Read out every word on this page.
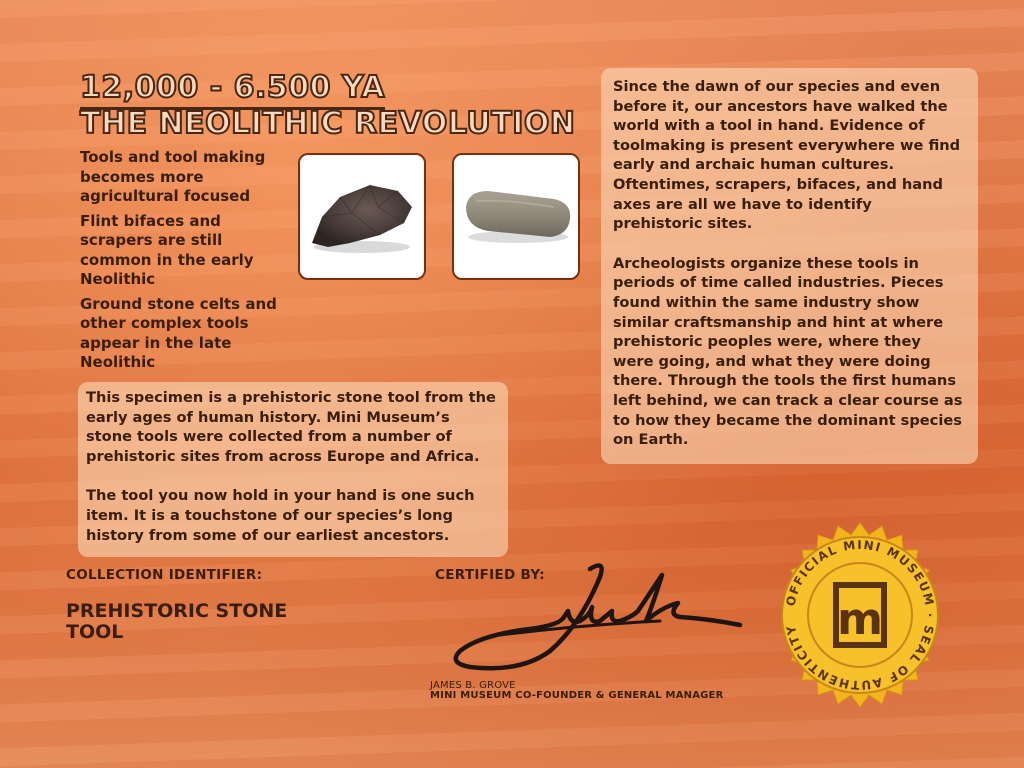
12,000 - 6.500 YA
THE NEOLITHIC REVOLUTION
Tools and tool making becomes more agricultural focused
Flint bifaces and scrapers are still common in the early Neolithic
Ground stone celts and other complex tools appear in the late Neolithic

Since the dawn of our species and even before it, our ancestors have walked the world with a tool in hand. Evidence of toolmaking is present everywhere we find early and archaic human cultures. Oftentimes, scrapers, bifaces, and hand axes are all we have to identify prehistoric sites.

Archeologists organize these tools in periods of time called industries. Pieces found within the same industry show similar craftsmanship and hint at where prehistoric peoples were, where they were going, and what they were doing there. Through the tools the first humans left behind, we can track a clear course as to how they became the dominant species on Earth.

This specimen is a prehistoric stone tool from the early ages of human history. Mini Museum’s stone tools were collected from a number of prehistoric sites from across Europe and Africa.

The tool you now hold in your hand is one such item. It is a touchstone of our species’s long history from some of our earliest ancestors.

COLLECTION IDENTIFIER:

PREHISTORIC STONE TOOL

CERTIFIED BY:

JAMES B. GROVE

MINI MUSEUM CO-FOUNDER & GENERAL MANAGER

OFFICIAL MINI MUSEUM · SEAL OF AUTHENTICITY m
